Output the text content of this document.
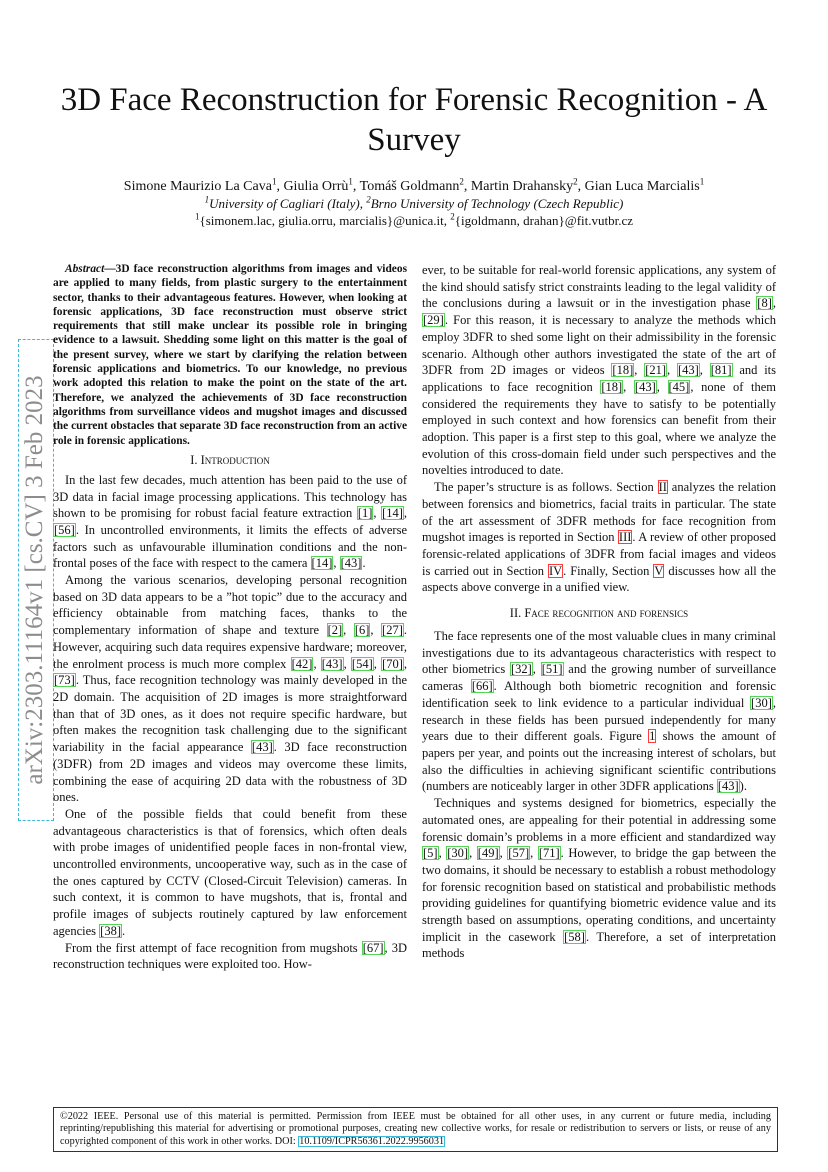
3D Face Reconstruction for Forensic Recognition - A Survey
Simone Maurizio La Cava$^1$, Giulia Orrù$^1$, Tomáš Goldmann$^2$, Martin Drahansky$^2$, Gian Luca Marcialis$^1$
$^1$University of Cagliari (Italy), $^2$Brno University of Technology (Czech Republic)
$^1${simonem.lac, giulia.orru, marcialis}@unica.it, $^2${igoldmann, drahan}@fit.vutbr.cz
arXiv:2303.11164v1 [cs.CV] 3 Feb 2023

Abstract—3D face reconstruction algorithms from images and videos are applied to many fields, from plastic surgery to the entertainment sector, thanks to their advantageous features. However, when looking at forensic applications, 3D face reconstruction must observe strict requirements that still make unclear its possible role in bringing evidence to a lawsuit. Shedding some light on this matter is the goal of the present survey, where we start by clarifying the relation between forensic applications and biometrics. To our knowledge, no previous work adopted this relation to make the point on the state of the art. Therefore, we analyzed the achievements of 3D face reconstruction algorithms from surveillance videos and mugshot images and discussed the current obstacles that separate 3D face reconstruction from an active role in forensic applications.

I. Introduction

In the last few decades, much attention has been paid to the use of 3D data in facial image processing applications. This technology has shown to be promising for robust facial feature extraction [1], [14], [56]. In uncontrolled environments, it limits the effects of adverse factors such as unfavourable illumination conditions and the non-frontal poses of the face with respect to the camera [14], [43].

Among the various scenarios, developing personal recognition based on 3D data appears to be a ”hot topic” due to the accuracy and efficiency obtainable from matching faces, thanks to the complementary information of shape and texture [2], [6], [27]. However, acquiring such data requires expensive hardware; moreover, the enrolment process is much more complex [42], [43], [54], [70], [73]. Thus, face recognition technology was mainly developed in the 2D domain. The acquisition of 2D images is more straightforward than that of 3D ones, as it does not require specific hardware, but often makes the recognition task challenging due to the significant variability in the facial appearance [43]. 3D face reconstruction (3DFR) from 2D images and videos may overcome these limits, combining the ease of acquiring 2D data with the robustness of 3D ones.

One of the possible fields that could benefit from these advantageous characteristics is that of forensics, which often deals with probe images of unidentified people faces in non-frontal view, uncontrolled environments, uncooperative way, such as in the case of the ones captured by CCTV (Closed-Circuit Television) cameras. In such context, it is common to have mugshots, that is, frontal and profile images of subjects routinely captured by law enforcement agencies [38].

From the first attempt of face recognition from mugshots [67], 3D reconstruction techniques were exploited too. How-

ever, to be suitable for real-world forensic applications, any system of the kind should satisfy strict constraints leading to the legal validity of the conclusions during a lawsuit or in the investigation phase [8], [29]. For this reason, it is necessary to analyze the methods which employ 3DFR to shed some light on their admissibility in the forensic scenario. Although other authors investigated the state of the art of 3DFR from 2D images or videos [18], [21], [43], [81] and its applications to face recognition [18], [43], [45], none of them considered the requirements they have to satisfy to be potentially employed in such context and how forensics can benefit from their adoption. This paper is a first step to this goal, where we analyze the evolution of this cross-domain field under such perspectives and the novelties introduced to date.

The paper’s structure is as follows. Section II analyzes the relation between forensics and biometrics, facial traits in particular. The state of the art assessment of 3DFR methods for face recognition from mugshot images is reported in Section III. A review of other proposed forensic-related applications of 3DFR from facial images and videos is carried out in Section IV. Finally, Section V discusses how all the aspects above converge in a unified view.

II. Face recognition and forensics

The face represents one of the most valuable clues in many criminal investigations due to its advantageous characteristics with respect to other biometrics [32], [51] and the growing number of surveillance cameras [66]. Although both biometric recognition and forensic identification seek to link evidence to a particular individual [30], research in these fields has been pursued independently for many years due to their different goals. Figure 1 shows the amount of papers per year, and points out the increasing interest of scholars, but also the difficulties in achieving significant scientific contributions (numbers are noticeably larger in other 3DFR applications [43]).

Techniques and systems designed for biometrics, especially the automated ones, are appealing for their potential in addressing some forensic domain’s problems in a more efficient and standardized way [5], [30], [49], [57], [71]. However, to bridge the gap between the two domains, it should be necessary to establish a robust methodology for forensic recognition based on statistical and probabilistic methods providing guidelines for quantifying biometric evidence value and its strength based on assumptions, operating conditions, and uncertainty implicit in the casework [58]. Therefore, a set of interpretation methods

©2022 IEEE. Personal use of this material is permitted. Permission from IEEE must be obtained for all other uses, in any current or future media, including reprinting/republishing this material for advertising or promotional purposes, creating new collective works, for resale or redistribution to servers or lists, or reuse of any copyrighted component of this work in other works. DOI: 10.1109/ICPR56361.2022.9956031
